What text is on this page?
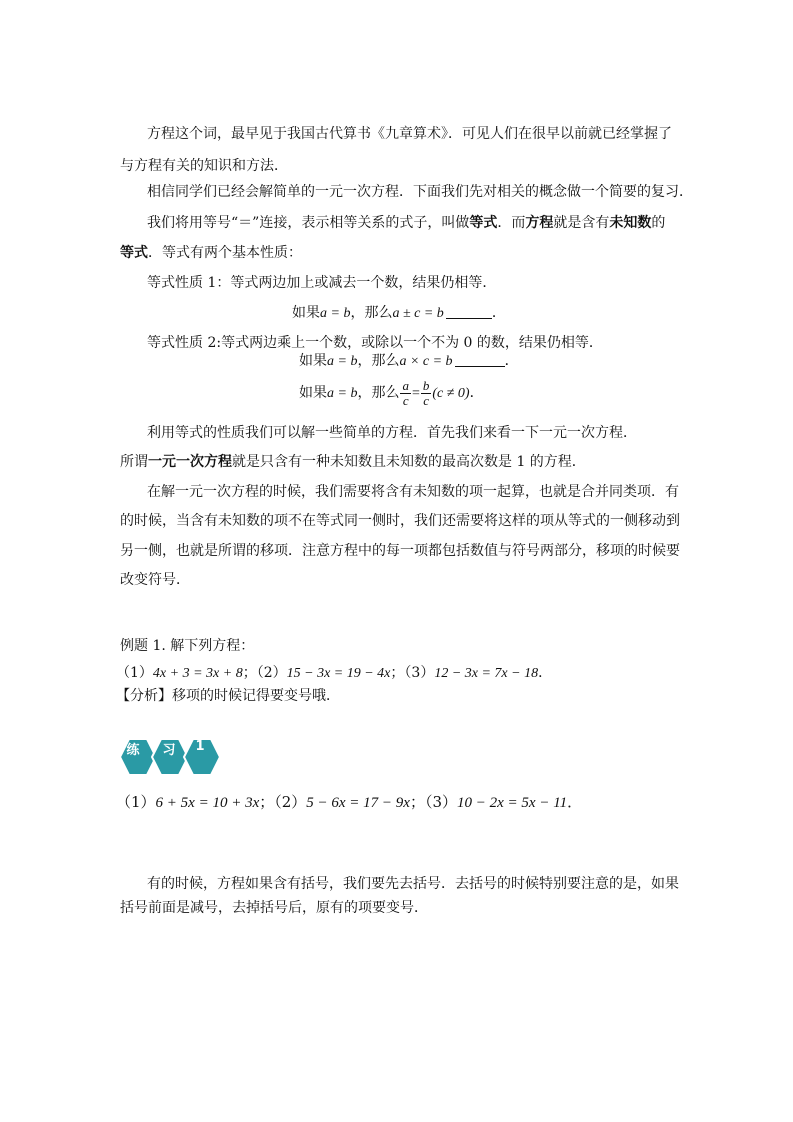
方程这个词，最早见于我国古代算书《九章算术》．可见人们在很早以前就已经掌握了
与方程有关的知识和方法．
相信同学们已经会解简单的一元一次方程．下面我们先对相关的概念做一个简要的复习．
我们将用等号“＝”连接，表示相等关系的式子，叫做等式．而方程就是含有未知数的
等式．等式有两个基本性质：
等式性质 1：等式两边加上或减去一个数，结果仍相等．
如果a = b，那么a ± c = b	．
等式性质 2:等式两边乘上一个数，或除以一个不为 0 的数，结果仍相等．
如果a = b，那么a × c = b	．
如果a = b，那么 $\frac{a}{c} = \frac{b}{c} (c \ne 0)$．
利用等式的性质我们可以解一些简单的方程．首先我们来看一下一元一次方程．
所谓一元一次方程就是只含有一种未知数且未知数的最高次数是 1 的方程．
在解一元一次方程的时候，我们需要将含有未知数的项一起算，也就是合并同类项．有
的时候，当含有未知数的项不在等式同一侧时，我们还需要将这样的项从等式的一侧移动到
另一侧，也就是所谓的移项．注意方程中的每一项都包括数值与符号两部分，移项的时候要
改变符号．
例题 1. 解下列方程：
（1）4x + 3 = 3x + 8；（2）15 − 3x = 19 − 4x；（3）12 − 3x = 7x − 18．
【分析】移项的时候记得要变号哦．
练	习	1
（1）6 + 5x = 10 + 3x；（2）5 − 6x = 17 − 9x；（3）10 − 2x = 5x − 11．
有的时候，方程如果含有括号，我们要先去括号．去括号的时候特别要注意的是，如果
括号前面是减号，去掉括号后，原有的项要变号．
